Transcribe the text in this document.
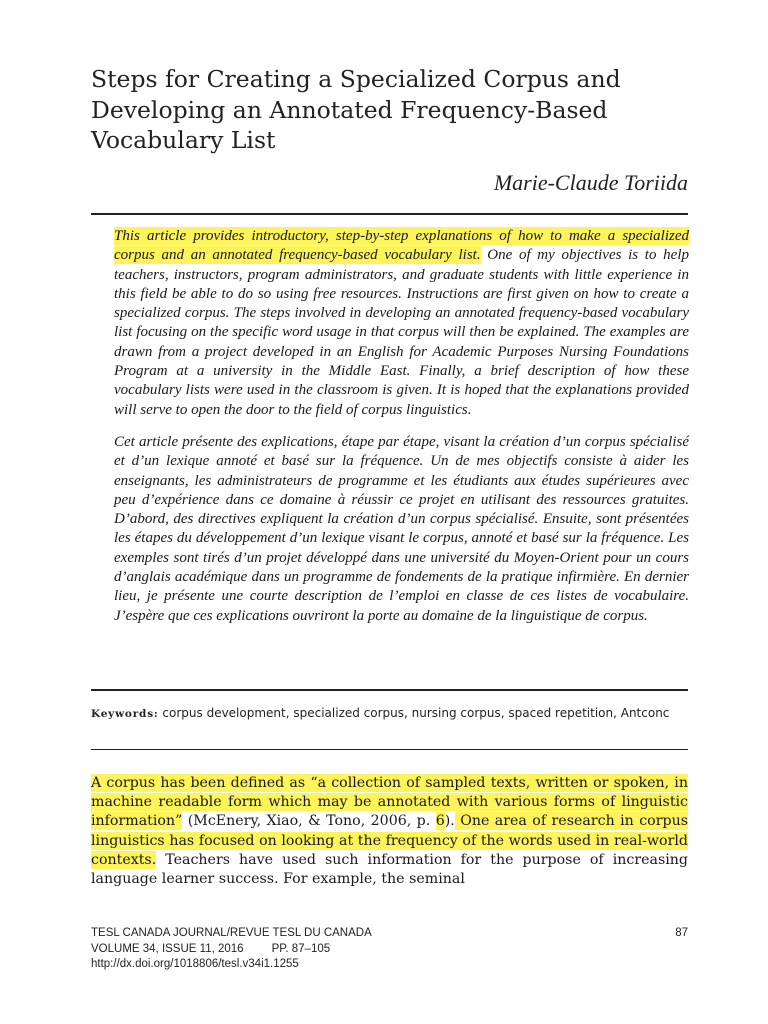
Steps for Creating a Specialized Corpus and Developing an Annotated Frequency-Based Vocabulary List
Marie-Claude Toriida

This article provides introductory, step-by-step explanations of how to make a specialized corpus and an annotated frequency-based vocabulary list. One of my objectives is to help teachers, instructors, program administrators, and graduate students with little experience in this field be able to do so using free resources. Instructions are first given on how to create a specialized corpus. The steps involved in developing an annotated frequency-based vocabulary list focusing on the specific word usage in that corpus will then be explained. The examples are drawn from a project developed in an English for Academic Purposes Nursing Foundations Program at a university in the Middle East. Finally, a brief description of how these vocabulary lists were used in the classroom is given. It is hoped that the explanations provided will serve to open the door to the field of corpus linguistics.

Cet article présente des explications, étape par étape, visant la création d’un corpus spécialisé et d’un lexique annoté et basé sur la fréquence. Un de mes objectifs consiste à aider les enseignants, les administrateurs de programme et les étudiants aux études supérieures avec peu d’expérience dans ce domaine à réussir ce projet en utilisant des ressources gratuites. D’abord, des directives expliquent la création d’un corpus spécialisé. Ensuite, sont présentées les étapes du développement d’un lexique visant le corpus, annoté et basé sur la fréquence. Les exemples sont tirés d’un projet développé dans une université du Moyen-Orient pour un cours d’anglais académique dans un programme de fondements de la pratique infirmière. En dernier lieu, je présente une courte description de l’emploi en classe de ces listes de vocabulaire. J’espère que ces explications ouvriront la porte au domaine de la linguistique de corpus.

Keywords: corpus development, specialized corpus, nursing corpus, spaced repetition, Antconc

A corpus has been defined as “a collection of sampled texts, written or spoken, in machine readable form which may be annotated with various forms of linguistic information” (McEnery, Xiao, & Tono, 2006, p. 6). One area of research in corpus linguistics has focused on looking at the frequency of the words used in real-world contexts. Teachers have used such information for the purpose of increasing language learner success. For example, the seminal

TESL CANADA JOURNAL/REVUE TESL DU CANADA	87
VOLUME 34, ISSUE 11, 2016 PP. 87–105
http://dx.doi.org/1018806/tesl.v34i1.1255
